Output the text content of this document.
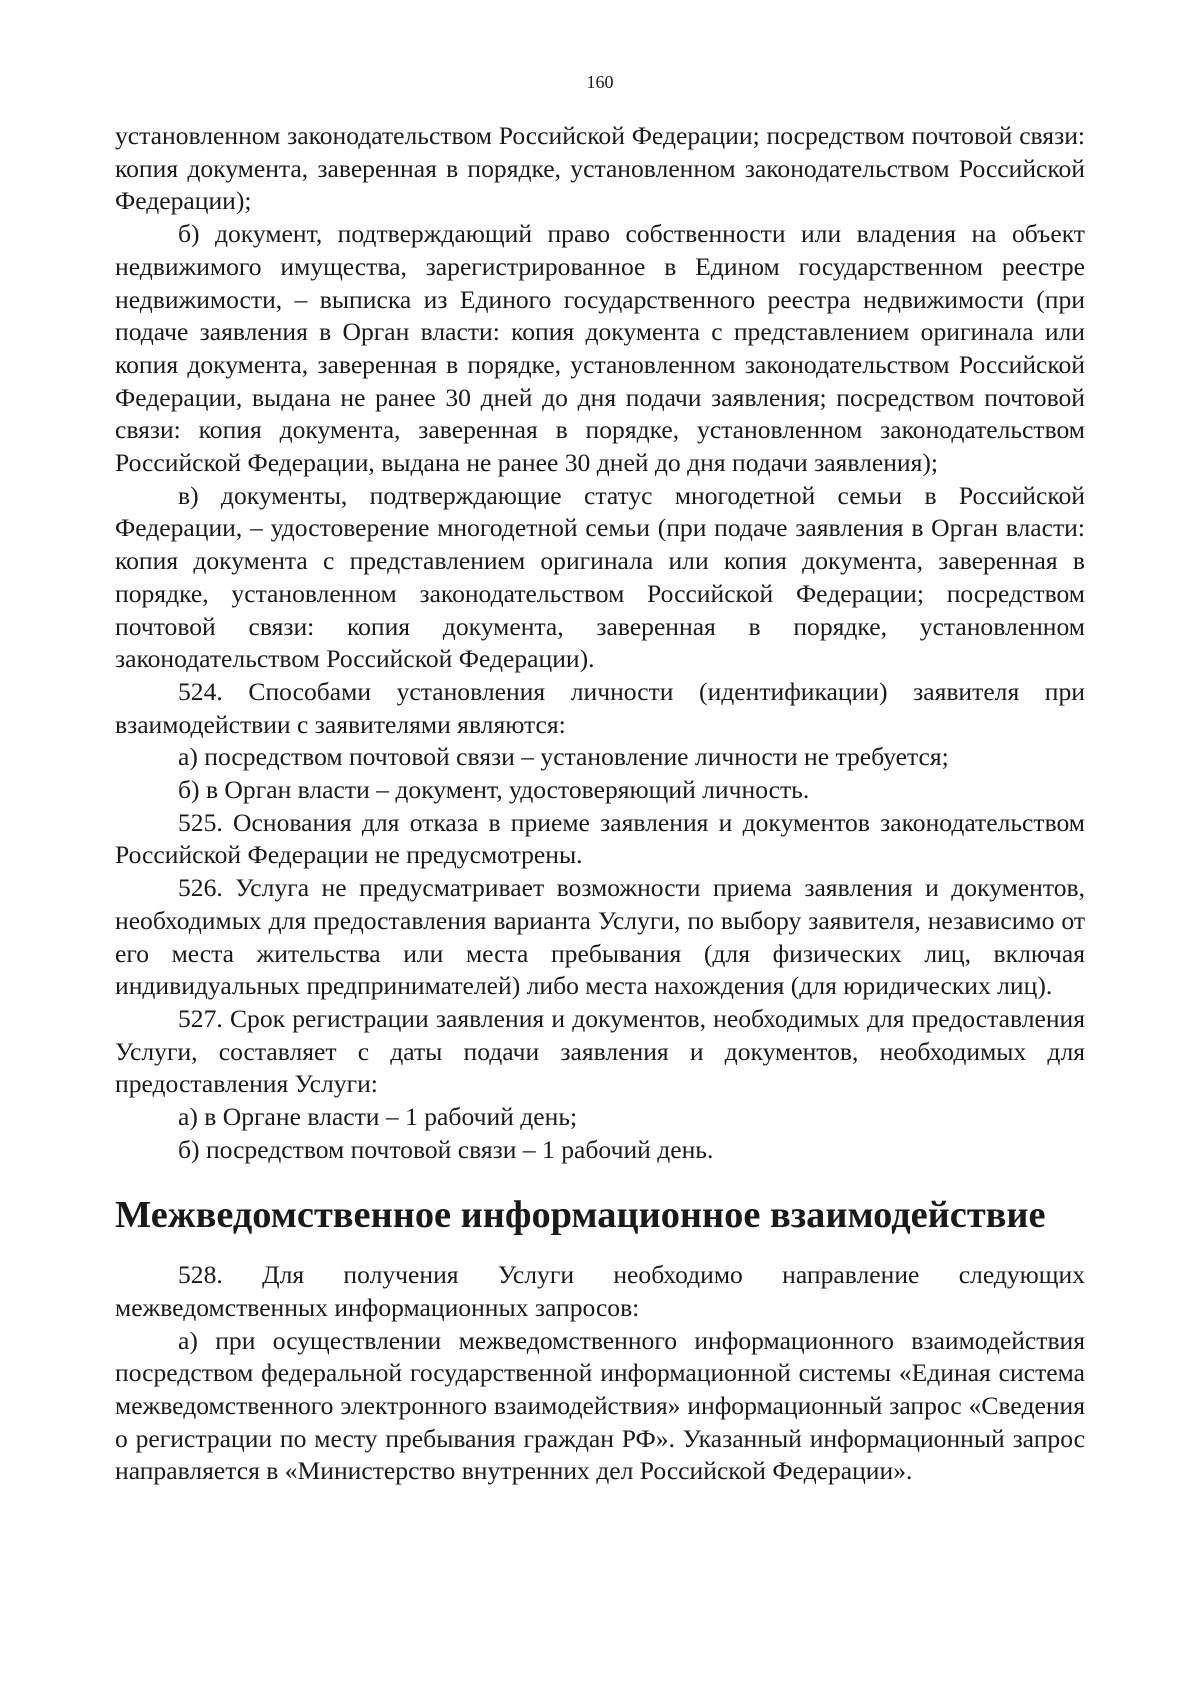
160

установленном законодательством Российской Федерации; посредством почтовой связи: копия документа, заверенная в порядке, установленном законодательством Российской Федерации);

б) документ, подтверждающий право собственности или владения на объект недвижимого имущества, зарегистрированное в Едином государственном реестре недвижимости, – выписка из Единого государственного реестра недвижимости (при подаче заявления в Орган власти: копия документа с представлением оригинала или копия документа, заверенная в порядке, установленном законодательством Российской Федерации, выдана не ранее 30 дней до дня подачи заявления; посредством почтовой связи: копия документа, заверенная в порядке, установленном законодательством Российской Федерации, выдана не ранее 30 дней до дня подачи заявления);

в) документы, подтверждающие статус многодетной семьи в Российской Федерации, – удостоверение многодетной семьи (при подаче заявления в Орган власти: копия документа с представлением оригинала или копия документа, заверенная в порядке, установленном законодательством Российской Федерации; посредством почтовой связи: копия документа, заверенная в порядке, установленном законодательством Российской Федерации).

524. Способами установления личности (идентификации) заявителя при взаимодействии с заявителями являются:

а) посредством почтовой связи – установление личности не требуется;

б) в Орган власти – документ, удостоверяющий личность.

525. Основания для отказа в приеме заявления и документов законодательством Российской Федерации не предусмотрены.

526. Услуга не предусматривает возможности приема заявления и документов, необходимых для предоставления варианта Услуги, по выбору заявителя, независимо от его места жительства или места пребывания (для физических лиц, включая индивидуальных предпринимателей) либо места нахождения (для юридических лиц).

527. Срок регистрации заявления и документов, необходимых для предоставления Услуги, составляет с даты подачи заявления и документов, необходимых для предоставления Услуги:

а) в Органе власти – 1 рабочий день;

б) посредством почтовой связи – 1 рабочий день.

Межведомственное информационное взаимодействие

528. Для получения Услуги необходимо направление следующих межведомственных информационных запросов:

а) при осуществлении межведомственного информационного взаимодействия посредством федеральной государственной информационной системы «Единая система межведомственного электронного взаимодействия» информационный запрос «Сведения о регистрации по месту пребывания граждан РФ». Указанный информационный запрос направляется в «Министерство внутренних дел Российской Федерации».
